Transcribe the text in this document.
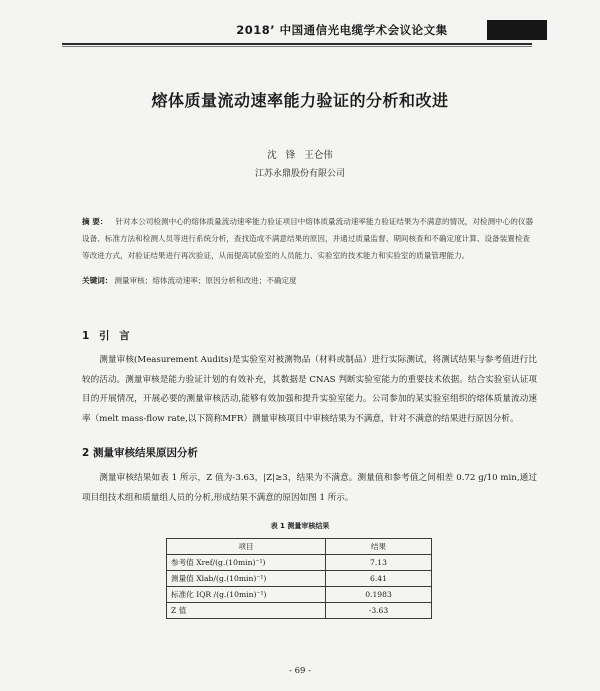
2018’ 中国通信光电缆学术会议论文集
熔体质量流动速率能力验证的分析和改进
沈 锋 王仑伟
江苏永鼎股份有限公司
摘 要： 针对本公司检测中心的熔体质量流动速率能力验证项目中熔体质量流动速率能力验证结果为不满意的情况，对检测中心的仪器设备、标准方法和检测人员等进行系统分析，查找造成不满意结果的原因，并通过质量监督、期间核查和不确定度计算、设备装置检查等改进方式，对验证结果进行再次验证，从而提高试验室的人员能力、实验室的技术能力和实验室的质量管理能力。
关键词： 测量审核；熔体流动速率；原因分析和改进；不确定度
1 引 言
测量审核(Measurement Audits)是实验室对被测物品（材料或制品）进行实际测试，将测试结果与参考值进行比较的活动。测量审核是能力验证计划的有效补充，其数据是 CNAS 判断实验室能力的重要技术依据。结合实验室认证项目的开展情况，开展必要的测量审核活动,能够有效加强和提升实验室能力。公司参加的某实验室组织的熔体质量流动速率（melt mass-flow rate,以下简称MFR）测量审核项目中审核结果为不满意，针对不满意的结果进行原因分析。
2 测量审核结果原因分析
测量审核结果如表 1 所示，Z 值为-3.63，|Z|≥3，结果为不满意。测量值和参考值之间相差 0.72 g/10 min,通过项目组技术组和质量组人员的分析,形成结果不满意的原因如图 1 所示。
表 1 测量审核结果
项目	结果
参考值 Xref/(g.(10min)⁻¹)	7.13
测量值 Xlab/(g.(10min)⁻¹)	6.41
标准化 IQR /(g.(10min)⁻¹)	0.1983
Z 值	-3.63
- 69 -
